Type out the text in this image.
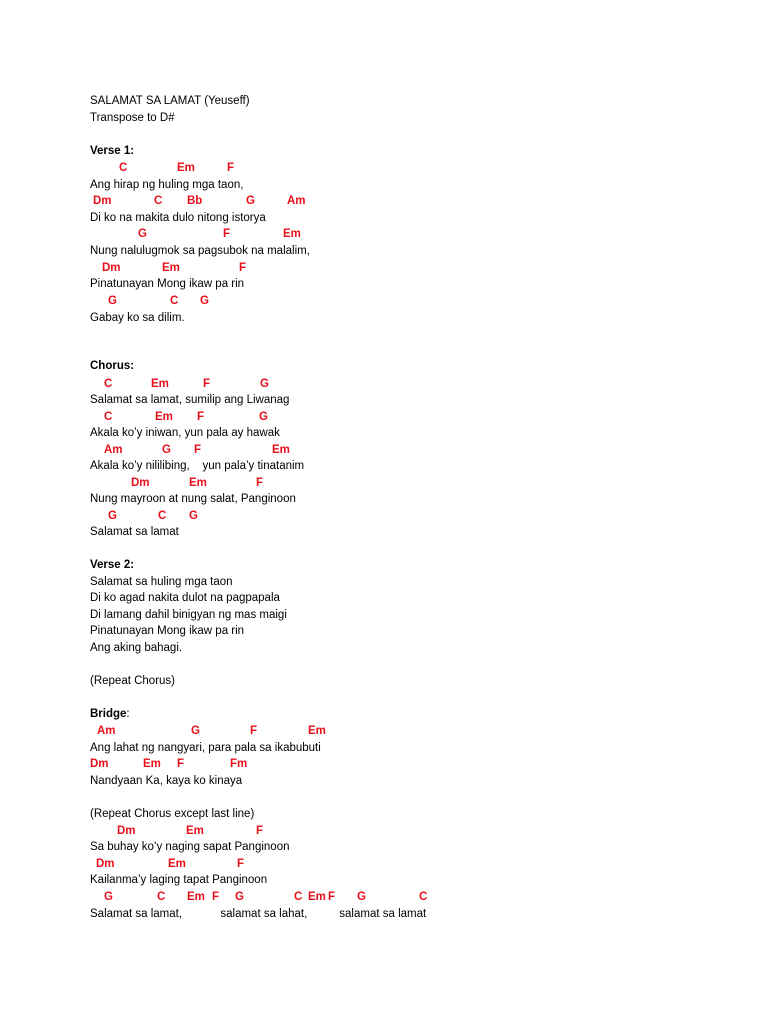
SALAMAT SA LAMAT (Yeuseff)
Transpose to D#
Verse 1:
C	Em	F
Ang hirap ng huling mga taon,
Dm	C Bb	G	Am
Di ko na makita dulo nitong istorya
G	F	Em
Nung nalulugmok sa pagsubok na malalim,
Dm	Em	F
Pinatunayan Mong ikaw pa rin
G	C G
Gabay ko sa dilim.
Chorus:
C	Em	F	G
Salamat sa lamat, sumilip ang Liwanag
C	Em F	G
Akala ko’y iniwan, yun pala ay hawak
Am	G F	Em
Akala ko’y nililibing,    yun pala’y tinatanim
Dm	Em	F
Nung mayroon at nung salat, Panginoon
G	C G
Salamat sa lamat
Verse 2:
Salamat sa huling mga taon
Di ko agad nakita dulot na pagpapala
Di lamang dahil binigyan ng mas maigi
Pinatunayan Mong ikaw pa rin
Ang aking bahagi.
(Repeat Chorus)
Bridge:
Am	G	F	Em
Ang lahat ng nangyari, para pala sa ikabubuti
Dm	Em F	Fm
Nandyaan Ka, kaya ko kinaya
(Repeat Chorus except last line)
Dm	Em	F
Sa buhay ko’y naging sapat Panginoon
Dm	Em	F
Kailanma’y laging tapat Panginoon
G	C Em F G	C Em F G	C
Salamat sa lamat,            salamat sa lahat,          salamat sa lamat
